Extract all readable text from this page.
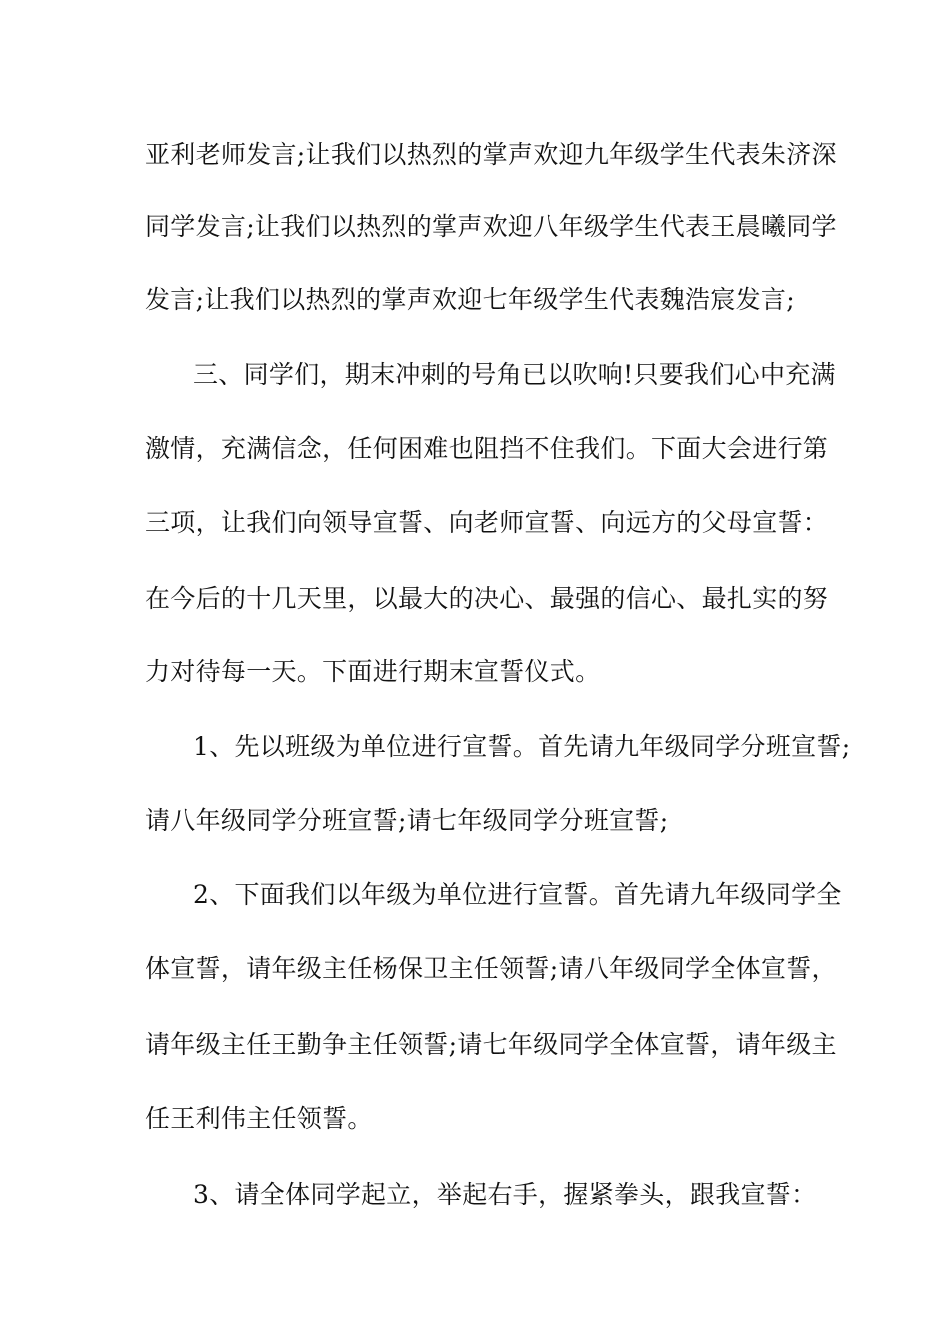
亚利老师发言;让我们以热烈的掌声欢迎九年级学生代表朱济深
同学发言;让我们以热烈的掌声欢迎八年级学生代表王晨曦同学
发言;让我们以热烈的掌声欢迎七年级学生代表魏浩宸发言;
三、同学们，期末冲刺的号角已以吹响!只要我们心中充满
激情，充满信念，任何困难也阻挡不住我们。下面大会进行第
三项，让我们向领导宣誓、向老师宣誓、向远方的父母宣誓：
在今后的十几天里，以最大的决心、最强的信心、最扎实的努
力对待每一天。下面进行期末宣誓仪式。
1、先以班级为单位进行宣誓。首先请九年级同学分班宣誓;
请八年级同学分班宣誓;请七年级同学分班宣誓;
2、下面我们以年级为单位进行宣誓。首先请九年级同学全
体宣誓，请年级主任杨保卫主任领誓;请八年级同学全体宣誓，
请年级主任王勤争主任领誓;请七年级同学全体宣誓，请年级主
任王利伟主任领誓。
3、请全体同学起立，举起右手，握紧拳头，跟我宣誓：
